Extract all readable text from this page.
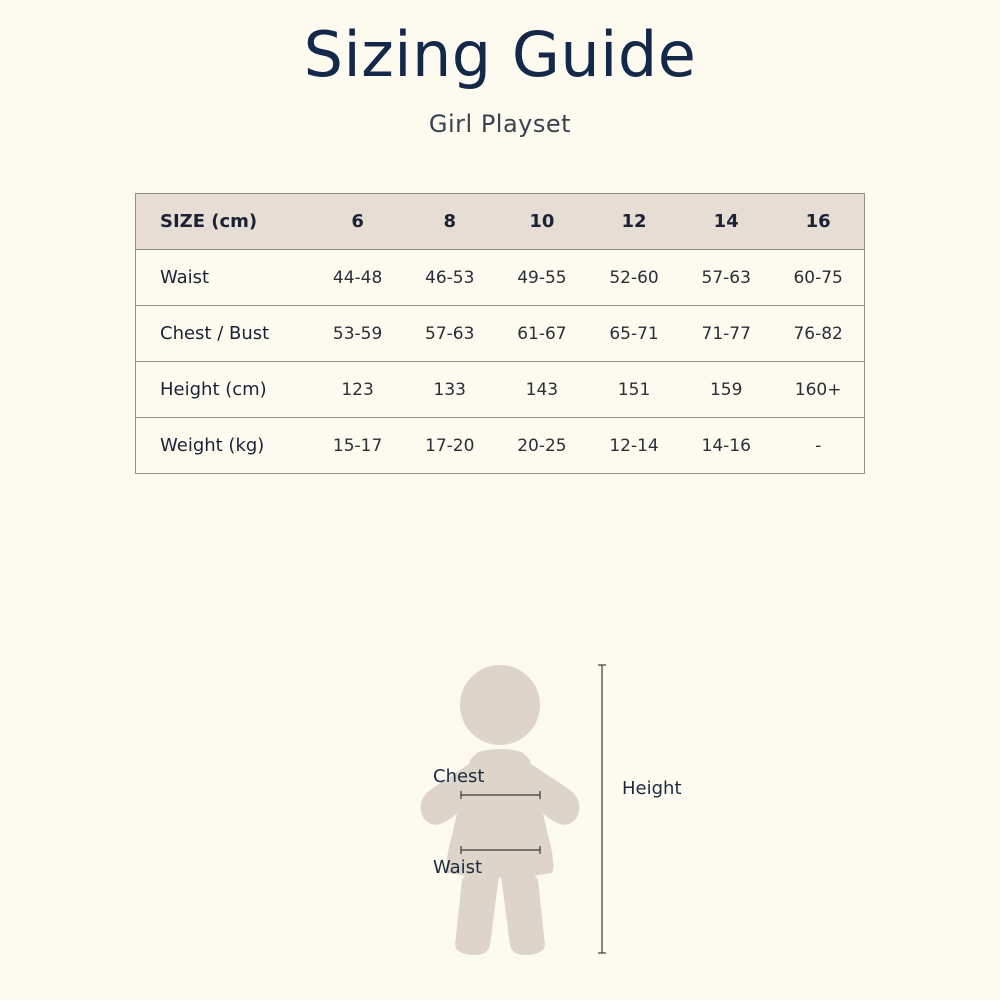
Sizing Guide
Girl Playset
SIZE (cm)	6	8	10	12	14	16
Waist	44-48	46-53	49-55	52-60	57-63	60-75
Chest / Bust	53-59	57-63	61-67	65-71	71-77	76-82
Height (cm)	123	133	143	151	159	160+
Weight (kg)	15-17	17-20	20-25	12-14	14-16	-
Chest
Waist
Height
